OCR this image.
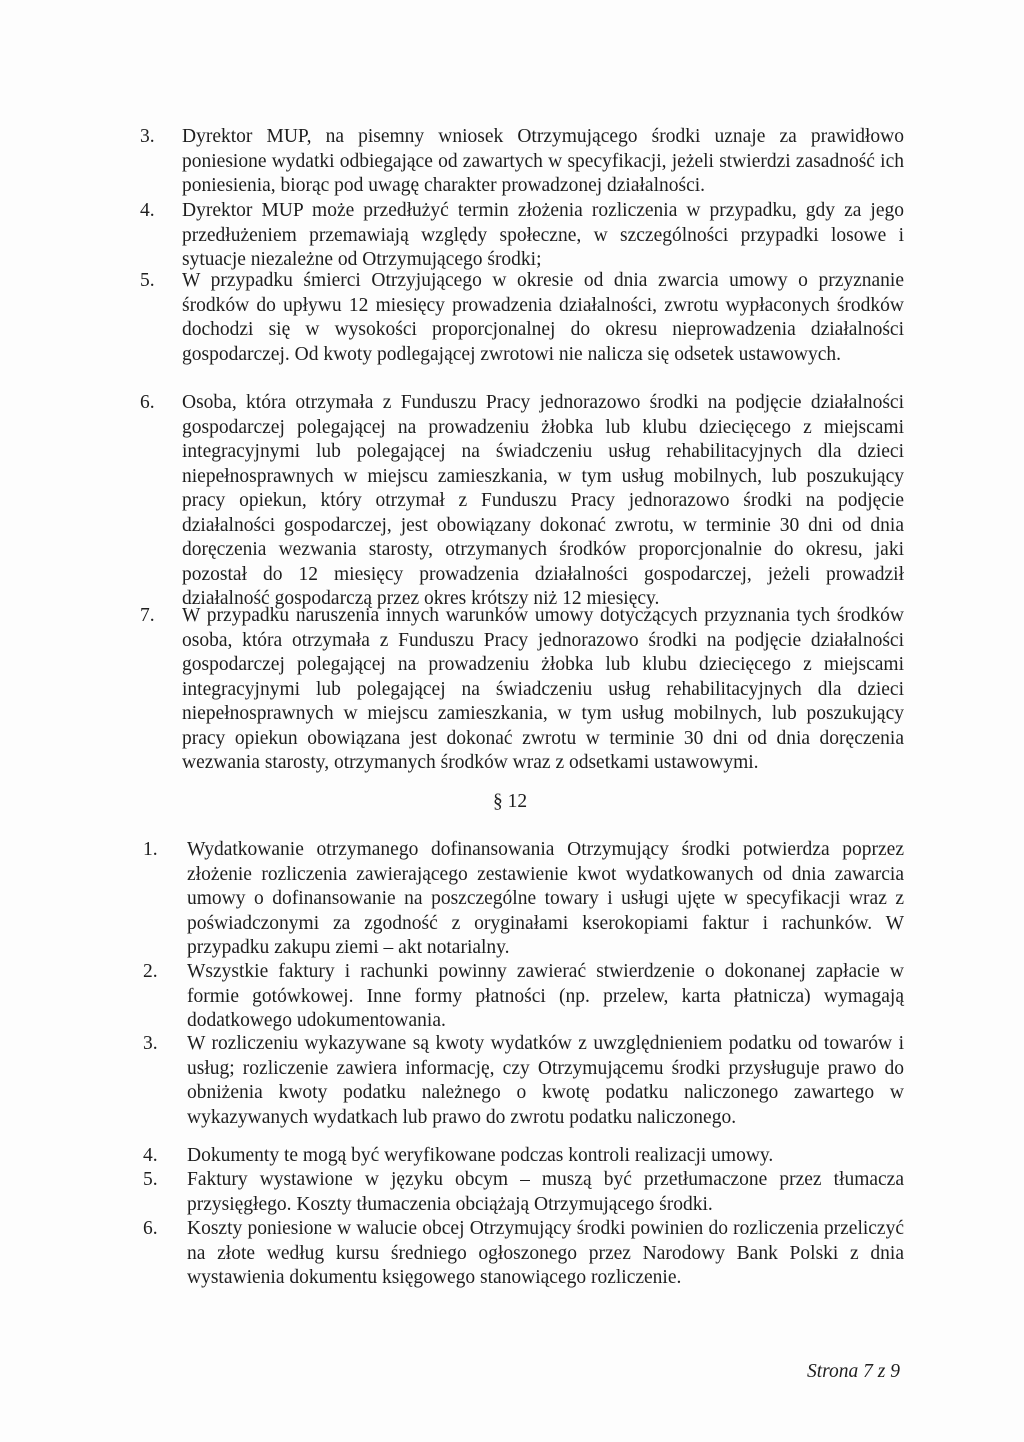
3. Dyrektor MUP, na pisemny wniosek Otrzymującego środki uznaje za prawidłowo poniesione wydatki odbiegające od zawartych w specyfikacji, jeżeli stwierdzi zasadność ich poniesienia, biorąc pod uwagę charakter prowadzonej działalności.
4. Dyrektor MUP może przedłużyć termin złożenia rozliczenia w przypadku, gdy za jego przedłużeniem przemawiają względy społeczne, w szczególności przypadki losowe i sytuacje niezależne od Otrzymującego środki;
5. W przypadku śmierci Otrzyjującego w okresie od dnia zwarcia umowy o przyznanie środków do upływu 12 miesięcy prowadzenia działalności, zwrotu wypłaconych środków dochodzi się w wysokości proporcjonalnej do okresu nieprowadzenia działalności gospodarczej. Od kwoty podlegającej zwrotowi nie nalicza się odsetek ustawowych.
6. Osoba, która otrzymała z Funduszu Pracy jednorazowo środki na podjęcie działalności gospodarczej polegającej na prowadzeniu żłobka lub klubu dziecięcego z miejscami integracyjnymi lub polegającej na świadczeniu usług rehabilitacyjnych dla dzieci niepełnosprawnych w miejscu zamieszkania, w tym usług mobilnych, lub poszukujący pracy opiekun, który otrzymał z Funduszu Pracy jednorazowo środki na podjęcie działalności gospodarczej, jest obowiązany dokonać zwrotu, w terminie 30 dni od dnia doręczenia wezwania starosty, otrzymanych środków proporcjonalnie do okresu, jaki pozostał do 12 miesięcy prowadzenia działalności gospodarczej, jeżeli prowadził działalność gospodarczą przez okres krótszy niż 12 miesięcy.
7. W przypadku naruszenia innych warunków umowy dotyczących przyznania tych środków osoba, która otrzymała z Funduszu Pracy jednorazowo środki na podjęcie działalności gospodarczej polegającej na prowadzeniu żłobka lub klubu dziecięcego z miejscami integracyjnymi lub polegającej na świadczeniu usług rehabilitacyjnych dla dzieci niepełnosprawnych w miejscu zamieszkania, w tym usług mobilnych, lub poszukujący pracy opiekun obowiązana jest dokonać zwrotu w terminie 30 dni od dnia doręczenia wezwania starosty, otrzymanych środków wraz z odsetkami ustawowymi.
§ 12
1. Wydatkowanie otrzymanego dofinansowania Otrzymujący środki potwierdza poprzez złożenie rozliczenia zawierającego zestawienie kwot wydatkowanych od dnia zawarcia umowy o dofinansowanie na poszczególne towary i usługi ujęte w specyfikacji wraz z poświadczonymi za zgodność z oryginałami kserokopiami faktur i rachunków. W przypadku zakupu ziemi – akt notarialny.
2. Wszystkie faktury i rachunki powinny zawierać stwierdzenie o dokonanej zapłacie w formie gotówkowej. Inne formy płatności (np. przelew, karta płatnicza) wymagają dodatkowego udokumentowania.
3. W rozliczeniu wykazywane są kwoty wydatków z uwzględnieniem podatku od towarów i usług; rozliczenie zawiera informację, czy Otrzymującemu środki przysługuje prawo do obniżenia kwoty podatku należnego o kwotę podatku naliczonego zawartego w wykazywanych wydatkach lub prawo do zwrotu podatku naliczonego.
4. Dokumenty te mogą być weryfikowane podczas kontroli realizacji umowy.
5. Faktury wystawione w języku obcym – muszą być przetłumaczone przez tłumacza przysięgłego. Koszty tłumaczenia obciążają Otrzymującego środki.
6. Koszty poniesione w walucie obcej Otrzymujący środki powinien do rozliczenia przeliczyć na złote według kursu średniego ogłoszonego przez Narodowy Bank Polski z dnia wystawienia dokumentu księgowego stanowiącego rozliczenie.
Strona 7 z 9
